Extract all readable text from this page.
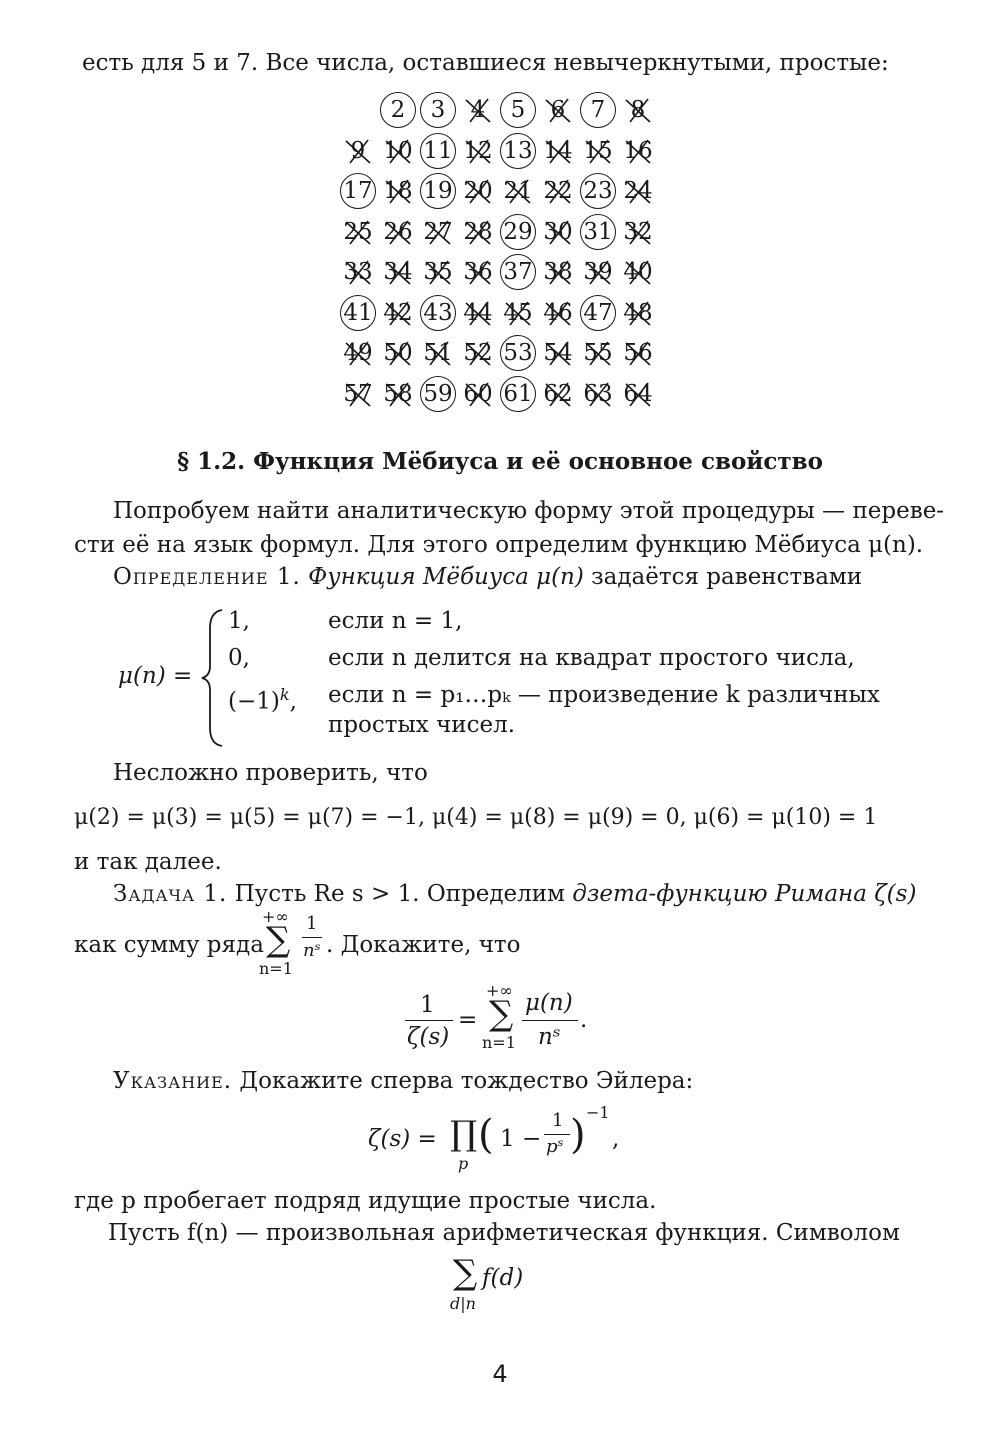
есть для 5 и 7. Все числа, оставшиеся невычеркнутыми, простые:
2	3	4	5	6	7	8
9 10 11 12 13 14 15 16
17 18 19 20 21 22 23 24
25 26 27 28 29 30 31 32
33 34 35 36 37 38 39 40
41 42 43 44 45 46 47 48
49 50 51 52 53 54 55 56
57 58 59 60 61 62 63 64
§ 1.2. Функция Мёбиуса и её основное свойство
Попробуем найти аналитическую форму этой процедуры — переве-
сти её на язык формул. Для этого определим функцию Мёбиуса μ(n).
Определение 1. Функция Мёбиуса μ(n) задаётся равенствами
μ(n) =
1,	если n = 1,
0,	если n делится на квадрат простого числа,
$(-1)^k$, если n = p₁…pₖ — произведение k различных
простых чисел.
Несложно проверить, что
μ(2) = μ(3) = μ(5) = μ(7) = −1, μ(4) = μ(8) = μ(9) = 0, μ(6) = μ(10) = 1
и так далее.
Задача 1. Пусть Re s > 1. Определим дзета-функцию Римана ζ(s)
как сумму ряда
+∞
∑
n=1
1
nˢ . Докажите, что
1
ζ(s)
=
+∞
∑
n=1
μ(n)
nˢ
.
Указание. Докажите сперва тождество Эйлера:
ζ(s) = ∏
p
( 1 −
1
pˢ ) −1
,
где p пробегает подряд идущие простые числа.
Пусть f(n) — произвольная арифметическая функция. Символом
∑ f(d)
d|n
4
